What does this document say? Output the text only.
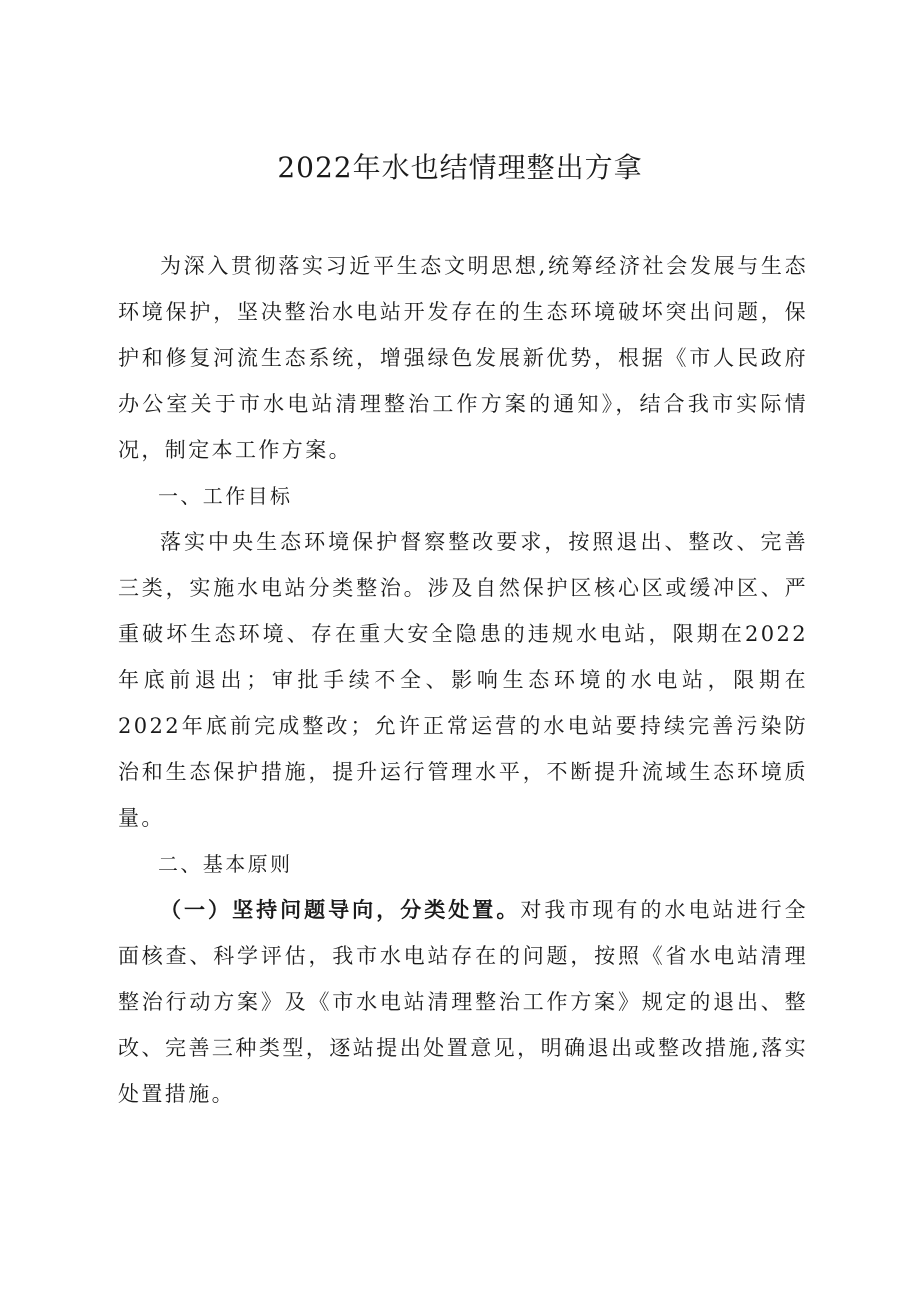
2022年水也结情理整出方拿

为深入贯彻落实习近平生态文明思想,统筹经济社会发展与生态环境保护，坚决整治水电站开发存在的生态环境破坏突出问题，保护和修复河流生态系统，增强绿色发展新优势，根据《市人民政府办公室关于市水电站清理整治工作方案的通知》，结合我市实际情况，制定本工作方案。

一、工作目标

落实中央生态环境保护督察整改要求，按照退出、整改、完善三类，实施水电站分类整治。涉及自然保护区核心区或缓冲区、严重破坏生态环境、存在重大安全隐患的违规水电站，限期在2022年底前退出；审批手续不全、影响生态环境的水电站，限期在2022年底前完成整改；允许正常运营的水电站要持续完善污染防治和生态保护措施，提升运行管理水平，不断提升流域生态环境质量。

二、基本原则

（一）坚持问题导向，分类处置。对我市现有的水电站进行全面核查、科学评估，我市水电站存在的问题，按照《省水电站清理整治行动方案》及《市水电站清理整治工作方案》规定的退出、整改、完善三种类型，逐站提出处置意见，明确退出或整改措施,落实处置措施。
